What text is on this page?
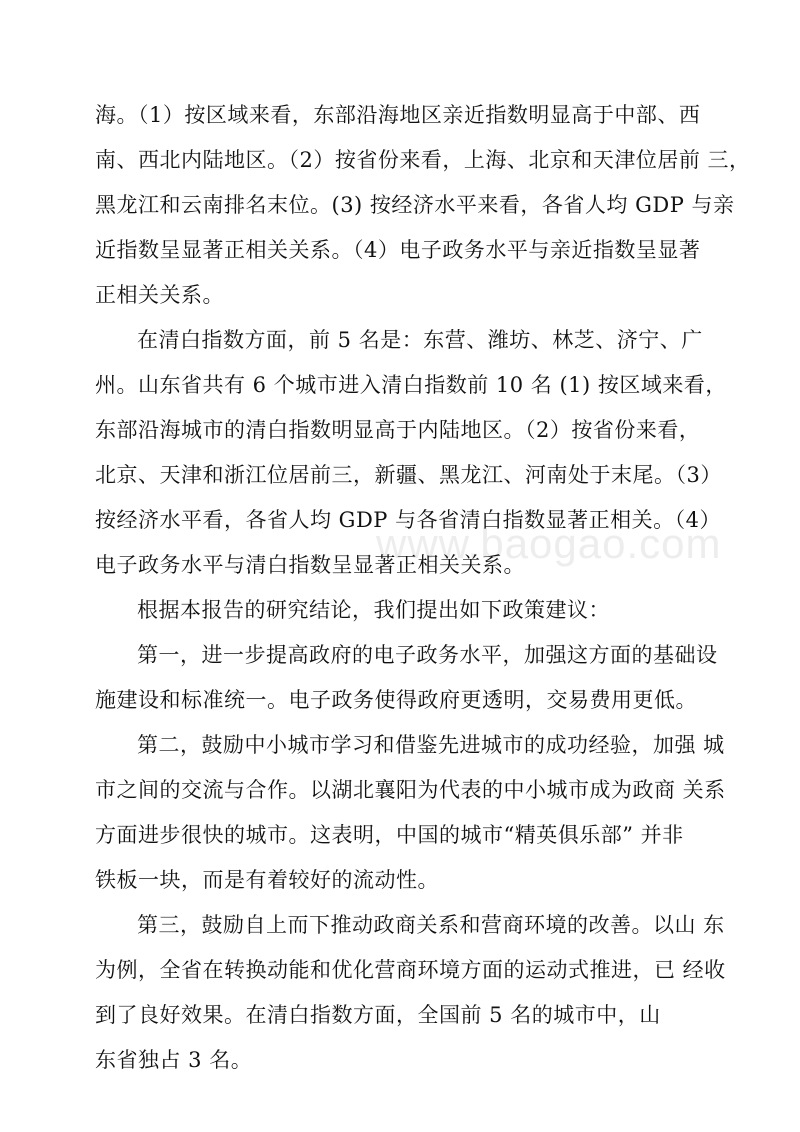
www.baogao.com
海。（1）按区域来看，东部沿海地区亲近指数明显高于中部、西
南、西北内陆地区。（2）按省份来看，上海、北京和天津位居前 三，
黑龙江和云南排名末位。(3) 按经济水平来看，各省人均 GDP 与亲
近指数呈显著正相关关系。（4）电子政务水平与亲近指数呈显著
正相关关系。
在清白指数方面，前 5 名是：东营、潍坊、林芝、济宁、广
州。山东省共有 6 个城市进入清白指数前 10 名 (1) 按区域来看，
东部沿海城市的清白指数明显高于内陆地区。（2）按省份来看，
北京、天津和浙江位居前三，新疆、黑龙江、河南处于末尾。（3）
按经济水平看，各省人均 GDP 与各省清白指数显著正相关。（4）
电子政务水平与清白指数呈显著正相关关系。
根据本报告的研究结论，我们提出如下政策建议：
第一，进一步提高政府的电子政务水平，加强这方面的基础设
施建设和标准统一。电子政务使得政府更透明，交易费用更低。
第二，鼓励中小城市学习和借鉴先进城市的成功经验，加强 城
市之间的交流与合作。以湖北襄阳为代表的中小城市成为政商 关系
方面进步很快的城市。这表明，中国的城市“精英俱乐部” 并非
铁板一块，而是有着较好的流动性。
第三，鼓励自上而下推动政商关系和营商环境的改善。以山 东
为例，全省在转换动能和优化营商环境方面的运动式推进，已 经收
到了良好效果。在清白指数方面，全国前 5 名的城市中，山
东省独占 3 名。
